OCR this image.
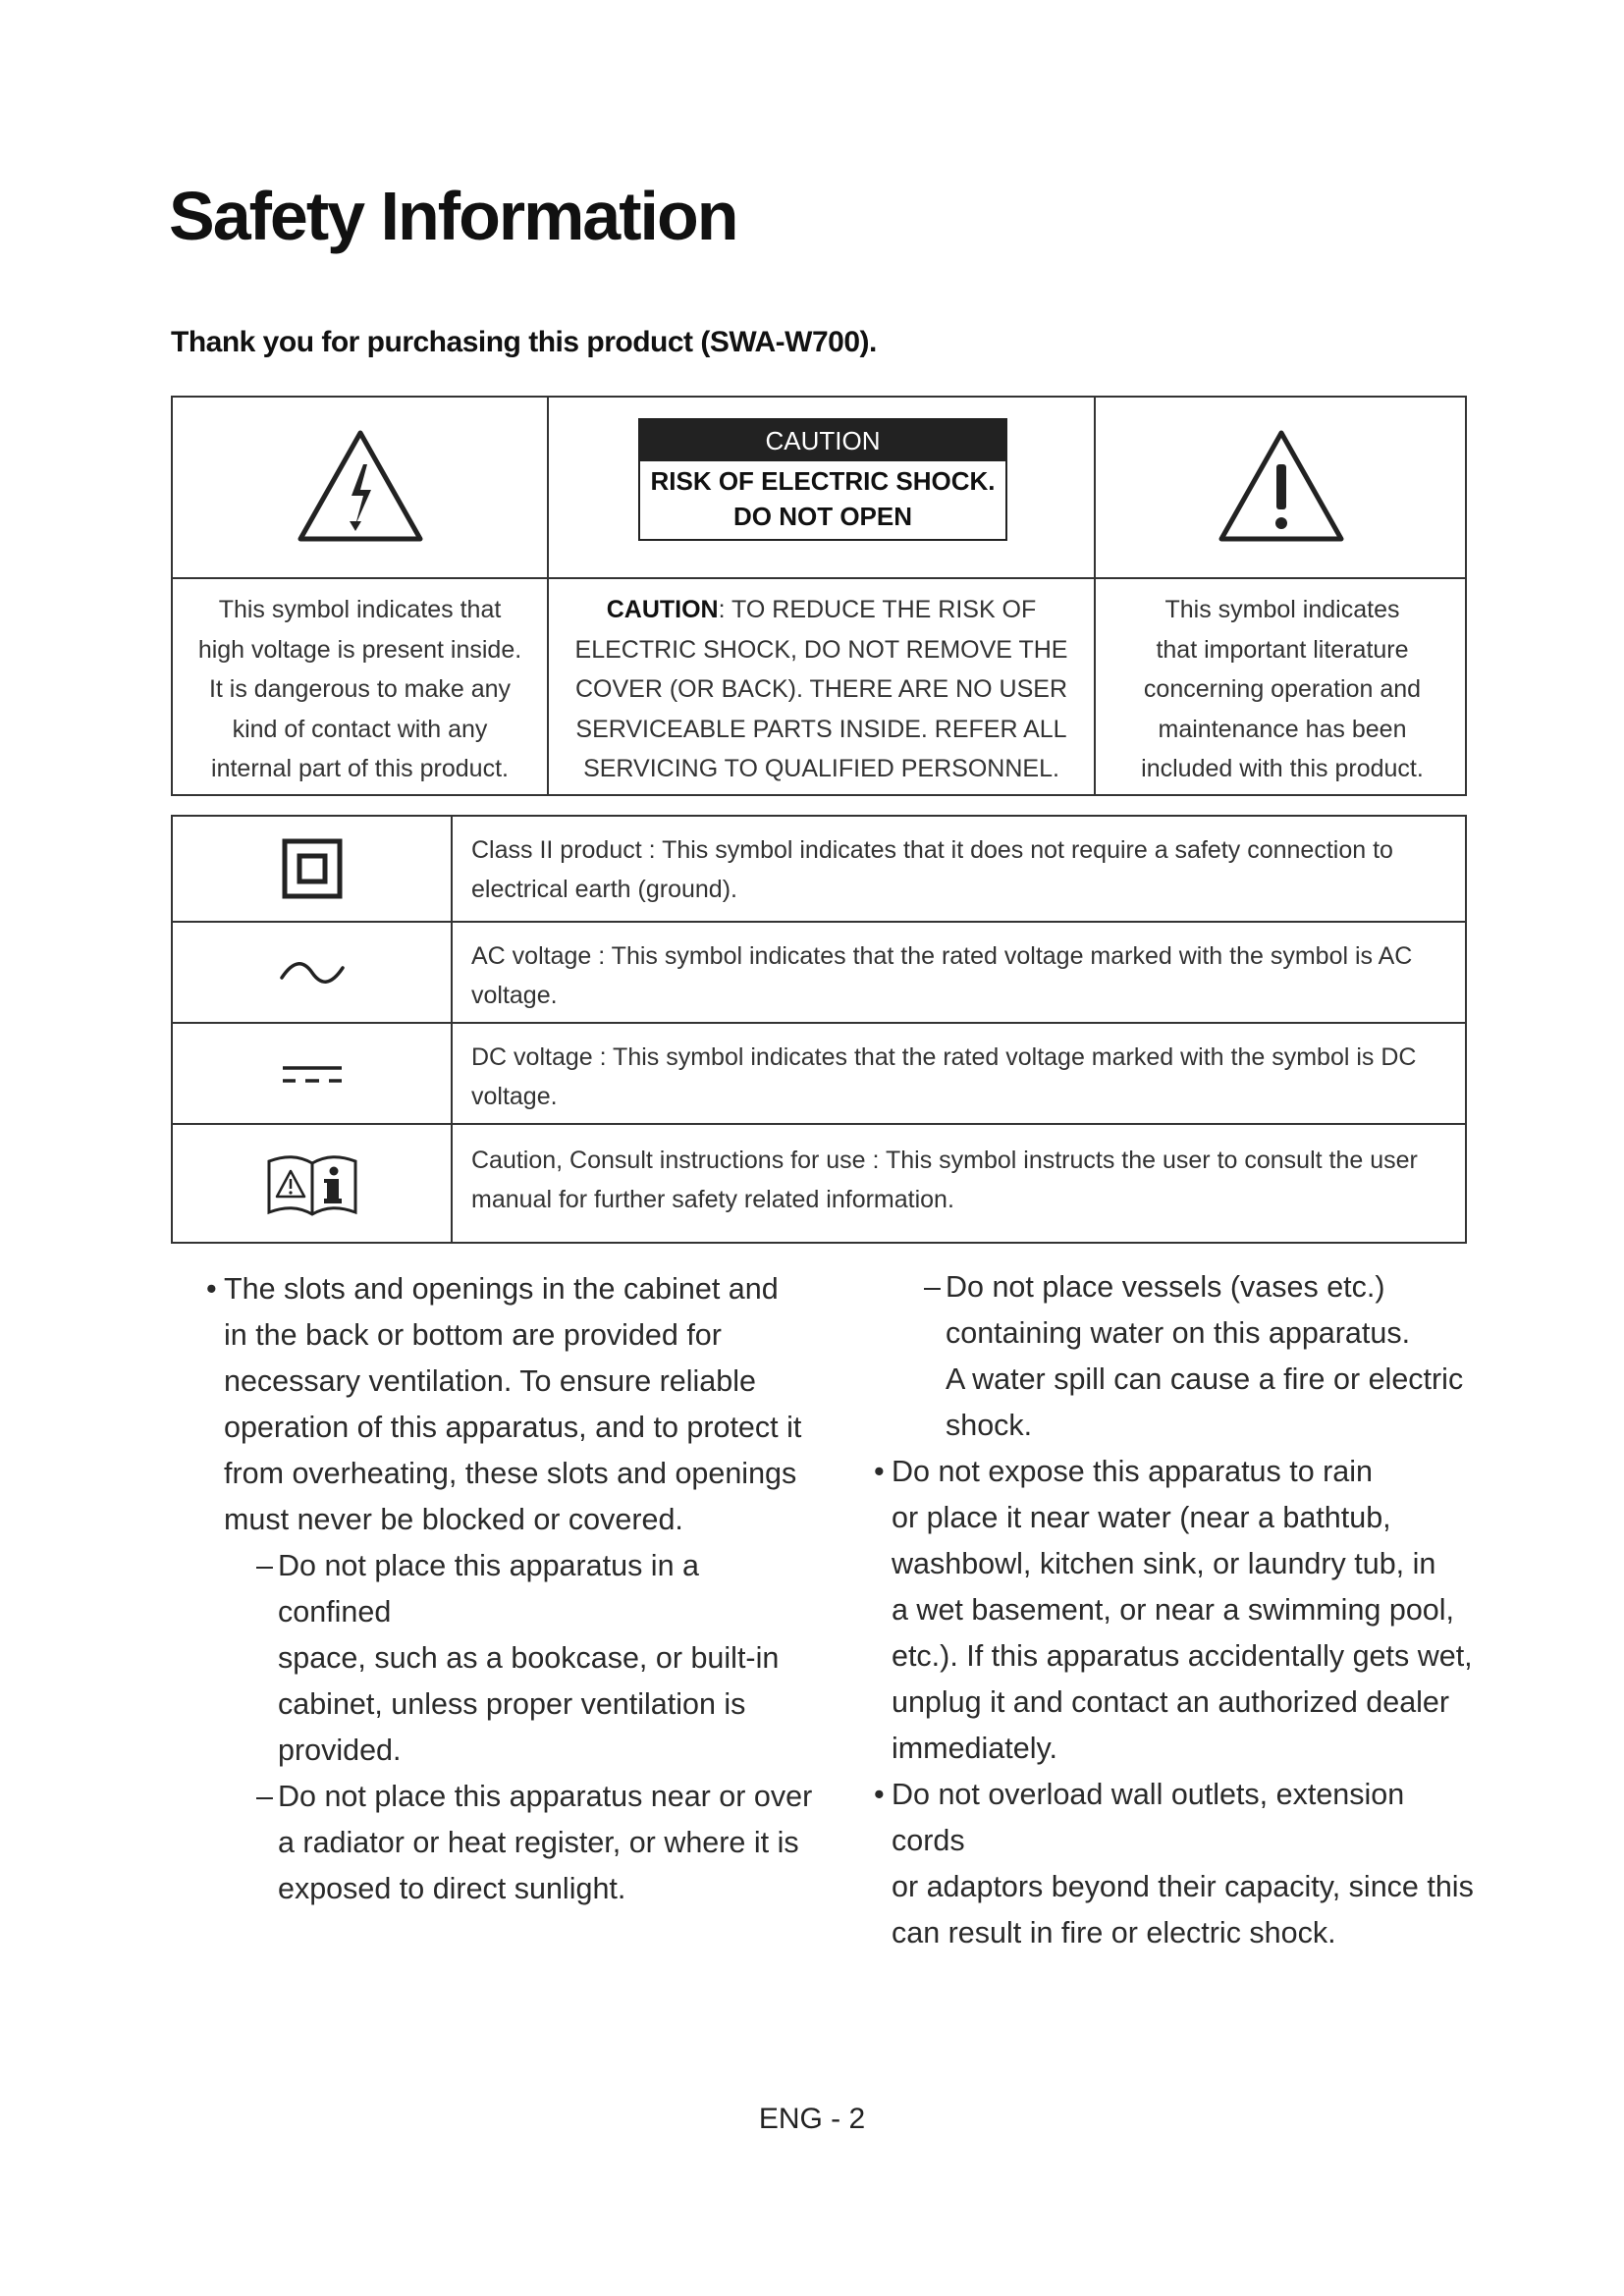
Safety Information
Thank you for purchasing this product (SWA-W700).
This symbol indicates that
high voltage is present inside.
It is dangerous to make any
kind of contact with any
internal part of this product.
CAUTION
RISK OF ELECTRIC SHOCK.
DO NOT OPEN
CAUTION: TO REDUCE THE RISK OF
ELECTRIC SHOCK, DO NOT REMOVE THE
COVER (OR BACK). THERE ARE NO USER
SERVICEABLE PARTS INSIDE. REFER ALL
SERVICING TO QUALIFIED PERSONNEL.
This symbol indicates
that important literature
concerning operation and
maintenance has been
included with this product.
Class II product : This symbol indicates that it does not require a safety connection to
electrical earth (ground).
AC voltage : This symbol indicates that the rated voltage marked with the symbol is AC
voltage.
DC voltage : This symbol indicates that the rated voltage marked with the symbol is DC
voltage.
Caution, Consult instructions for use : This symbol instructs the user to consult the user
manual for further safety related information.
• The slots and openings in the cabinet and
in the back or bottom are provided for
necessary ventilation. To ensure reliable
operation of this apparatus, and to protect it
from overheating, these slots and openings
must never be blocked or covered.
– Do not place this apparatus in a confined
space, such as a bookcase, or built-in
cabinet, unless proper ventilation is
provided.
– Do not place this apparatus near or over
a radiator or heat register, or where it is
exposed to direct sunlight.
– Do not place vessels (vases etc.)
containing water on this apparatus.
A water spill can cause a fire or electric
shock.
• Do not expose this apparatus to rain
or place it near water (near a bathtub,
washbowl, kitchen sink, or laundry tub, in
a wet basement, or near a swimming pool,
etc.). If this apparatus accidentally gets wet,
unplug it and contact an authorized dealer
immediately.
• Do not overload wall outlets, extension cords
or adaptors beyond their capacity, since this
can result in fire or electric shock.
ENG - 2
